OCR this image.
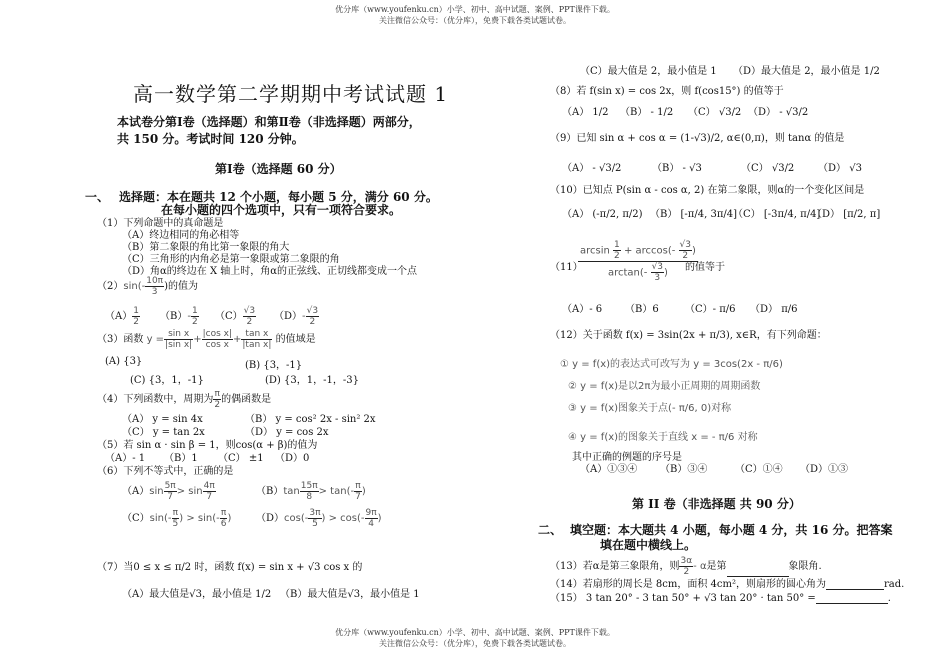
优分库（www.youfenku.cn）小学、初中、高中试题、案例、PPT课件下载。
关注微信公众号：（优分库），免费下载各类试题试卷。
高一数学第二学期期中考试试题 1
本试卷分第Ⅰ卷（选择题）和第Ⅱ卷（非选择题）两部分，
共 150 分。考试时间 120 分钟。
第Ⅰ卷（选择题 60 分）
一、 选择题：本在题共 12 个小题，每小题 5 分，满分 60 分。
在每小题的四个选项中，只有一项符合要求。
（1）下列命题中的真命题是
（A）终边相同的角必相等
（B）第二象限的角比第一象限的角大
（C）三角形的内角必是第一象限或第二象限的角
（D）角α的终边在 X 轴上时，角α的正弦线、正切线都变成一个点
$(2)\sin(- \frac{10\pi}{3}$ )的值为
$(A) \frac{1}{2} (B)- \frac{1}{2} (C) \frac{√3}{2} (D)- \frac{√3}{2}$
（3）函数 $y = \frac{\text{sin x}}{\text{|sin x|}} + \frac{\text{|cos x|}}{\text{cos x}} + \frac{\text{tan x}}{\text{|tan x|}}$ 的值域是
(A) {3}	(B) {3，-1}
(C) {3，1，-1}	(D) {3，1，-1，-3}
（4）下列函数中，周期为 $\frac{\pi}{2}$ 的偶函数是
（A） y = sin 4x	（B） y = cos² 2x - sin² 2x
（C） y = tan 2x	（D） y = cos 2x
（5）若 sin α · sin β = 1，则cos(α + β)的值为
（A）- 1 （B）1 （C） ±1 （D）0
（6）下列不等式中，正确的是
$(A)\sin \frac{5\pi}{7} > \sin \frac{4\pi}{7}$	$(B)\tan \frac{15\pi}{8} > \tan(- \frac{\pi}{7}$ )
$(C)\sin(- \frac{\pi}{5}$ ) > $\sin(- \frac{\pi}{6}$ ) $(D)\cos(- \frac{3\pi}{5}$ ) > $\cos(- \frac{9\pi}{4}$ )
（7）当0 ≤ x ≤ π/2 时，函数 f(x) = sin x + √3 cos x 的
（A）最大值是√3，最小值是 1/2 （B）最大值是√3，最小值是 1
（C）最大值是 2，最小值是 1 （D）最大值是 2，最小值是 1/2
（8）若 f(sin x) = cos 2x，则 f(cos15°) 的值等于
（A） 1/2 （B） - 1/2 （C） √3/2 （D） - √3/2
（9）已知 sin α + cos α = (1-√3)/2, α∈(0,π)，则 tanα 的值是
（A） - √3/2	（B） - √3	（C） √3/2 （D） √3
（10）已知点 P(sin α - cos α, 2) 在第二象限，则α的一个变化区间是
（A） (-π/2, π/2) （B） [-π/4, 3π/4]
（C） [-3π/4, π/4]
（D） [π/2, π]
（11）
$\arcsin \frac{1}{2} + \arccos(- \frac{√3}{2}$ )
$\arctan(- \frac{√3}{3}$ )	的值等于
（A）- 6 （B）6	（C）- π/6 （D） π/6
（12）关于函数 f(x) = 3sin(2x + π/3), x∈R，有下列命题：
① y = f(x)的表达式可改写为 y = 3cos(2x - π/6)
② y = f(x)是以2π为最小正周期的周期函数
③ y = f(x)图象关于点(- π/6, 0)对称
④ y = f(x)的图象关于直线 x = - π/6 对称
其中正确的例题的序号是
（A）①③④ （B）③④	（C）①④ （D）①③
第 II 卷（非选择题 共 90 分）
二、 填空题：本大题共 4 小题，每小题 4 分，共 16 分。把答案
填在题中横线上。
（13）若α是第三象限角，则 $\frac{3\alpha}{2}$ - α是第	象限角.
（14）若扇形的周长是 8cm，面积 4cm²，则扇形的圆心角为	rad.
（15） 3 tan 20° - 3 tan 50° + √3 tan 20° · tan 50° =	.
优分库（www.youfenku.cn）小学、初中、高中试题、案例、PPT课件下载。
关注微信公众号：（优分库），免费下载各类试题试卷。
